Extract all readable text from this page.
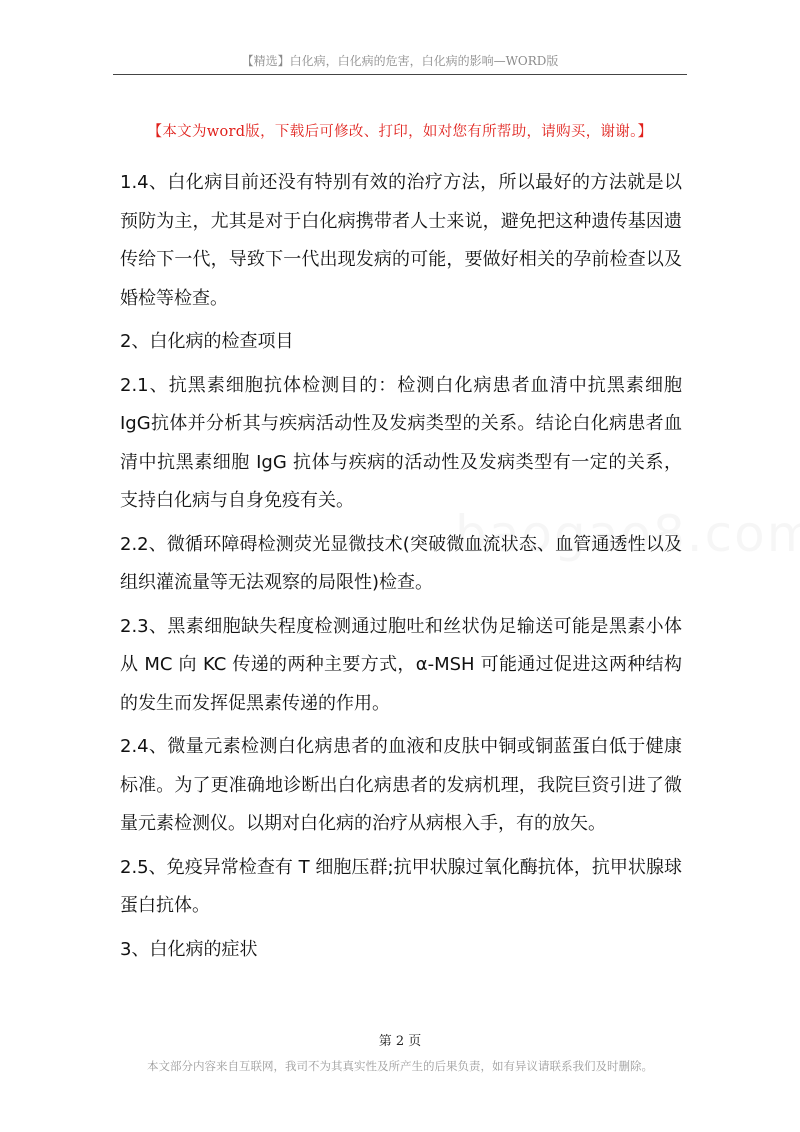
【精选】白化病，白化病的危害，白化病的影响—WORD版
【本文为word版，下载后可修改、打印，如对您有所帮助，请购买，谢谢。】

1.4、白化病目前还没有特别有效的治疗方法，所以最好的方法就是以预防为主，尤其是对于白化病携带者人士来说，避免把这种遗传基因遗传给下一代，导致下一代出现发病的可能，要做好相关的孕前检查以及婚检等检查。

2、白化病的检查项目

2.1、抗黑素细胞抗体检测目的：检测白化病患者血清中抗黑素细胞IgG抗体并分析其与疾病活动性及发病类型的关系。结论白化病患者血清中抗黑素细胞 IgG 抗体与疾病的活动性及发病类型有一定的关系，支持白化病与自身免疫有关。

2.2、微循环障碍检测荧光显微技术(突破微血流状态、血管通透性以及组织灌流量等无法观察的局限性)检查。

2.3、黑素细胞缺失程度检测通过胞吐和丝状伪足输送可能是黑素小体从 MC 向 KC 传递的两种主要方式，α-MSH 可能通过促进这两种结构的发生而发挥促黑素传递的作用。

2.4、微量元素检测白化病患者的血液和皮肤中铜或铜蓝蛋白低于健康标准。为了更准确地诊断出白化病患者的发病机理，我院巨资引进了微量元素检测仪。以期对白化病的治疗从病根入手，有的放矢。

2.5、免疫异常检查有 T 细胞压群;抗甲状腺过氧化酶抗体，抗甲状腺球蛋白抗体。

3、白化病的症状

第 2 页
本文部分内容来自互联网，我司不为其真实性及所产生的后果负责，如有异议请联系我们及时删除。
